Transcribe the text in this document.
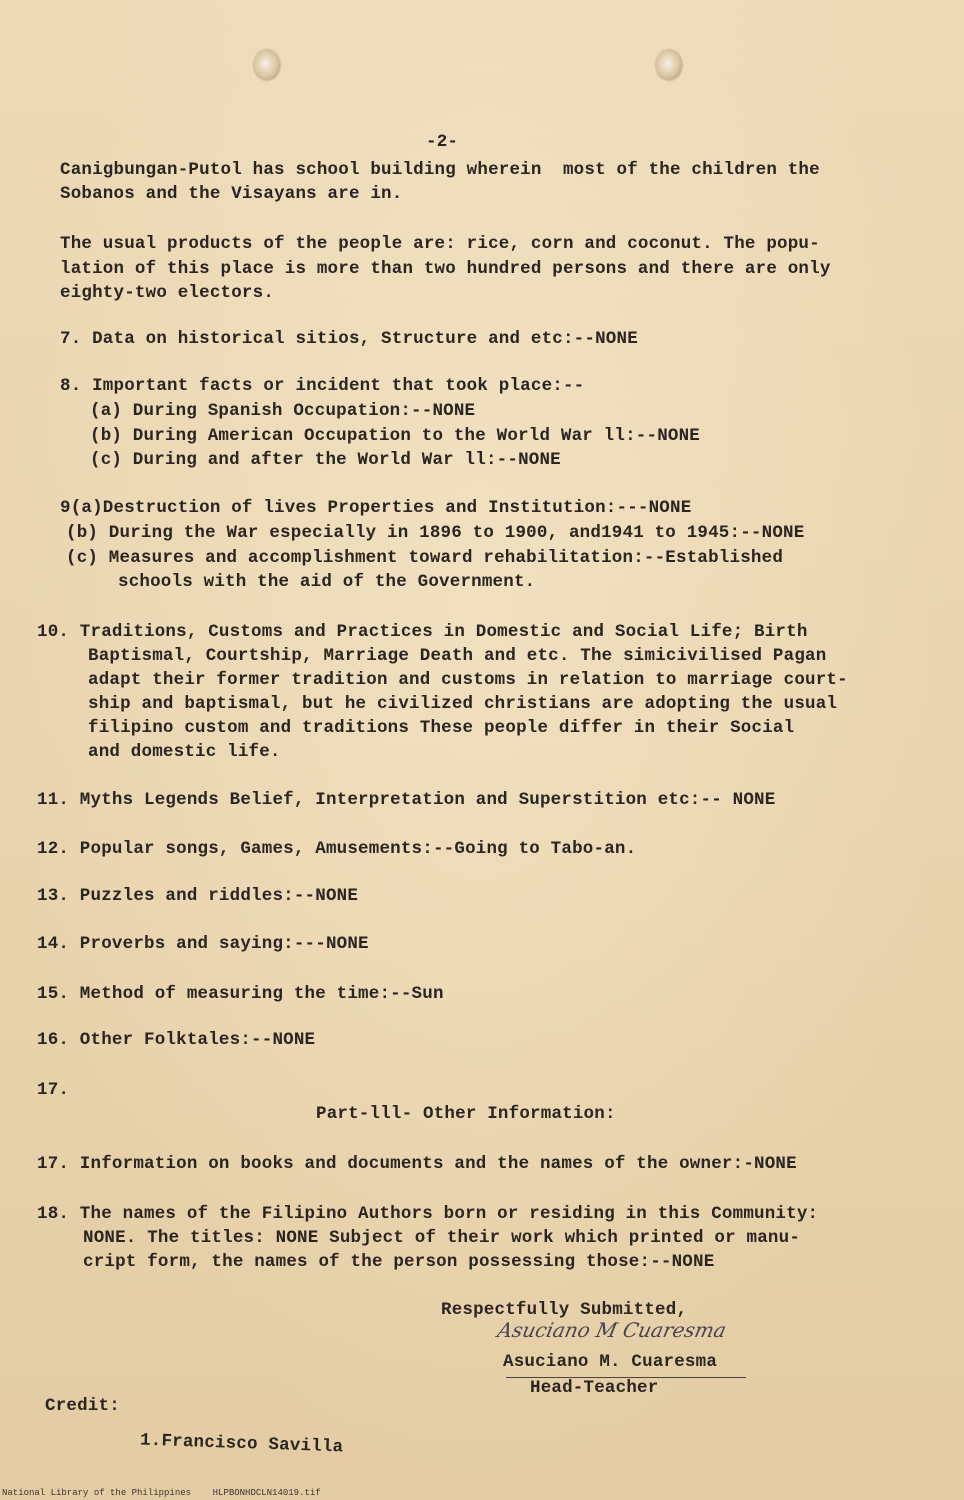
-2-

Canigbungan-Putol has school building wherein  most of the children the

Sobanos and the Visayans are in.

The usual products of the people are: rice, corn and coconut. The popu-

lation of this place is more than two hundred persons and there are only

eighty-two electors.

7. Data on historical sitios, Structure and etc:--NONE

8. Important facts or incident that took place:--

(a) During Spanish Occupation:--NONE

(b) During American Occupation to the World War ll:--NONE

(c) During and after the World War ll:--NONE

9(a)Destruction of lives Properties and Institution:---NONE

(b) During the War especially in 1896 to 1900, and1941 to 1945:--NONE

(c) Measures and accomplishment toward rehabilitation:--Established

schools with the aid of the Government.

10. Traditions, Customs and Practices in Domestic and Social Life; Birth

Baptismal, Courtship, Marriage Death and etc. The simicivilised Pagan

adapt their former tradition and customs in relation to marriage court-

ship and baptismal, but he civilized christians are adopting the usual

filipino custom and traditions These people differ in their Social

and domestic life.

11. Myths Legends Belief, Interpretation and Superstition etc:-- NONE

12. Popular songs, Games, Amusements:--Going to Tabo-an.

13. Puzzles and riddles:--NONE

14. Proverbs and saying:---NONE

15. Method of measuring the time:--Sun

16. Other Folktales:--NONE

17.

Part-lll- Other Information:

17. Information on books and documents and the names of the owner:-NONE

18. The names of the Filipino Authors born or residing in this Community:

NONE. The titles: NONE Subject of their work which printed or manu-

cript form, the names of the person possessing those:--NONE

Respectfully Submitted,

Asuciano M Cuaresma

Asuciano M. Cuaresma

Head-Teacher

Credit:

1.Francisco Savilla

National Library of the Philippines    HLPBONHDCLN14019.tif
